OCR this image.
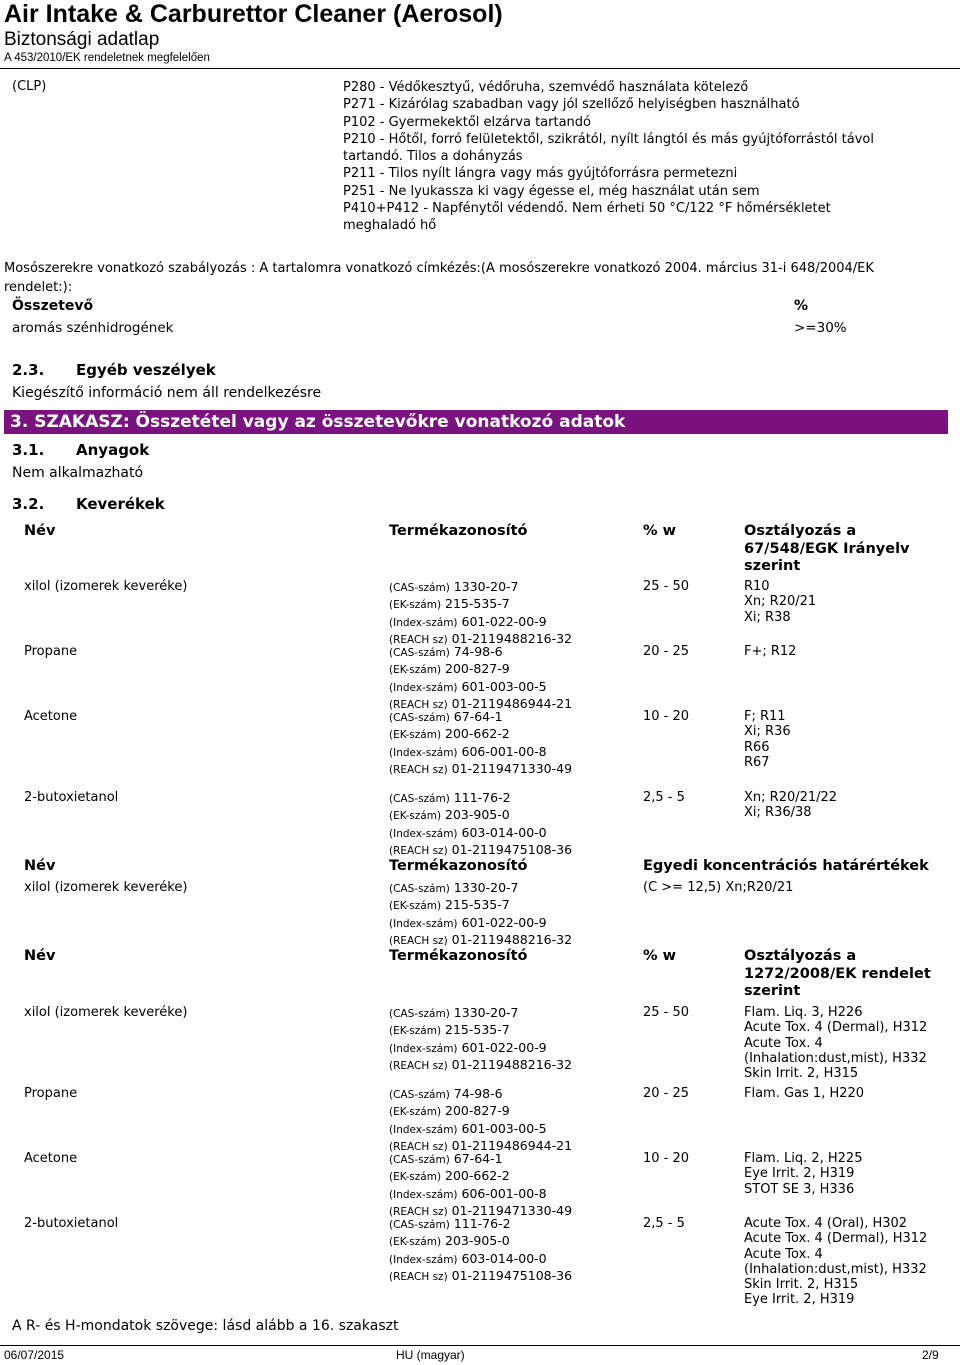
Air Intake & Carburettor Cleaner (Aerosol)
Biztonsági adatlap
A 453/2010/EK rendeletnek megfelelően
(CLP)	P280 - Védőkesztyű, védőruha, szemvédő használata kötelező
P271 - Kizárólag szabadban vagy jól szellőző helyiségben használható
P102 - Gyermekektől elzárva tartandó
P210 - Hőtől, forró felületektől, szikrától, nyílt lángtól és más gyújtóforrástól távol
tartandó. Tilos a dohányzás
P211 - Tilos nyílt lángra vagy más gyújtóforrásra permetezni
P251 - Ne lyukassza ki vagy égesse el, még használat után sem
P410+P412 - Napfénytől védendő. Nem érheti 50 °C/122 °F hőmérsékletet
meghaladó hő
Mosószerekre vonatkozó szabályozás : A tartalomra vonatkozó címkézés:(A mosószerekre vonatkozó 2004. március 31-i 648/2004/EK rendelet:):
Összetevő	%
aromás szénhidrogének	>=30%
2.3. Egyéb veszélyek
Kiegészítő információ nem áll rendelkezésre
3. SZAKASZ: Összetétel vagy az összetevőkre vonatkozó adatok
3.1. Anyagok
Nem alkalmazható
3.2. Keverékek
Név	Termékazonosító	% w	Osztályozás a
67/548/EGK Irányelv
szerint
xilol (izomerek keveréke)	(CAS-szám) 1330-20-7
(EK-szám) 215-535-7
(Index-szám) 601-022-00-9
(REACH sz) 01-2119488216-32
25 - 50	R10
Xn; R20/21
Xi; R38
Propane	(CAS-szám) 74-98-6
(EK-szám) 200-827-9
(Index-szám) 601-003-00-5
(REACH sz) 01-2119486944-21
20 - 25	F+; R12
Acetone	(CAS-szám) 67-64-1
(EK-szám) 200-662-2
(Index-szám) 606-001-00-8
(REACH sz) 01-2119471330-49
10 - 20	F; R11
Xi; R36
R66
R67
2-butoxietanol	(CAS-szám) 111-76-2
(EK-szám) 203-905-0
(Index-szám) 603-014-00-0
(REACH sz) 01-2119475108-36
2,5 - 5	Xn; R20/21/22
Xi; R36/38
Név	Termékazonosító	Egyedi koncentrációs határértékek
xilol (izomerek keveréke)	(CAS-szám) 1330-20-7
(EK-szám) 215-535-7
(Index-szám) 601-022-00-9
(REACH sz) 01-2119488216-32
(C >= 12,5) Xn;R20/21
Név	Termékazonosító	% w	Osztályozás a
1272/2008/EK rendelet
szerint
xilol (izomerek keveréke)	(CAS-szám) 1330-20-7
(EK-szám) 215-535-7
(Index-szám) 601-022-00-9
(REACH sz) 01-2119488216-32
25 - 50	Flam. Liq. 3, H226
Acute Tox. 4 (Dermal), H312
Acute Tox. 4
(Inhalation:dust,mist), H332
Skin Irrit. 2, H315
Propane	(CAS-szám) 74-98-6
(EK-szám) 200-827-9
(Index-szám) 601-003-00-5
(REACH sz) 01-2119486944-21
20 - 25	Flam. Gas 1, H220
Acetone	(CAS-szám) 67-64-1
(EK-szám) 200-662-2
(Index-szám) 606-001-00-8
(REACH sz) 01-2119471330-49
10 - 20	Flam. Liq. 2, H225
Eye Irrit. 2, H319
STOT SE 3, H336
2-butoxietanol	(CAS-szám) 111-76-2
(EK-szám) 203-905-0
(Index-szám) 603-014-00-0
(REACH sz) 01-2119475108-36
2,5 - 5	Acute Tox. 4 (Oral), H302
Acute Tox. 4 (Dermal), H312
Acute Tox. 4
(Inhalation:dust,mist), H332
Skin Irrit. 2, H315
Eye Irrit. 2, H319
A R- és H-mondatok szövege: lásd alább a 16. szakaszt
06/07/2015	HU (magyar)	2/9
